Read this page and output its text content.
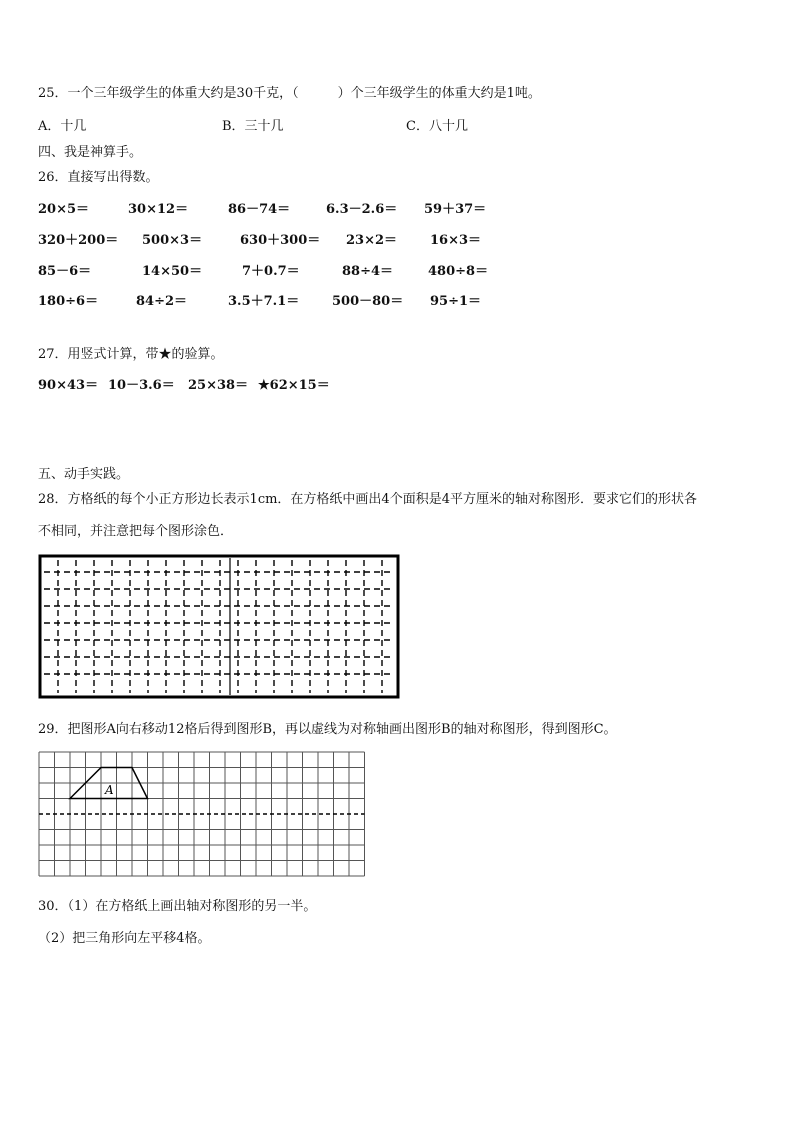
25．一个三年级学生的体重大约是30千克，（　　　）个三年级学生的体重大约是1吨。
A．十几	B．三十几	C．八十几
四、我是神算手。
26．直接写出得数。
20×5＝	30×12＝	86－74＝	6.3－2.6＝ 59＋37＝
320＋200＝ 500×3＝	630＋300＝ 23×2＝	16×3＝
85－6＝	14×50＝	7＋0.7＝	88÷4＝	480÷8＝
180÷6＝	84÷2＝	3.5＋7.1＝	500－80＝ 95÷1＝
27．用竖式计算，带★的验算。
90×43＝ 10－3.6＝ 25×38＝ ★62×15＝
五、动手实践。
28．方格纸的每个小正方形边长表示1cm．在方格纸中画出4个面积是4平方厘米的轴对称图形．要求它们的形状各
不相同，并注意把每个图形涂色．
29．把图形A向右移动12格后得到图形B，再以虚线为对称轴画出图形B的轴对称图形，得到图形C。
A
30．（1）在方格纸上画出轴对称图形的另一半。
（2）把三角形向左平移4格。
